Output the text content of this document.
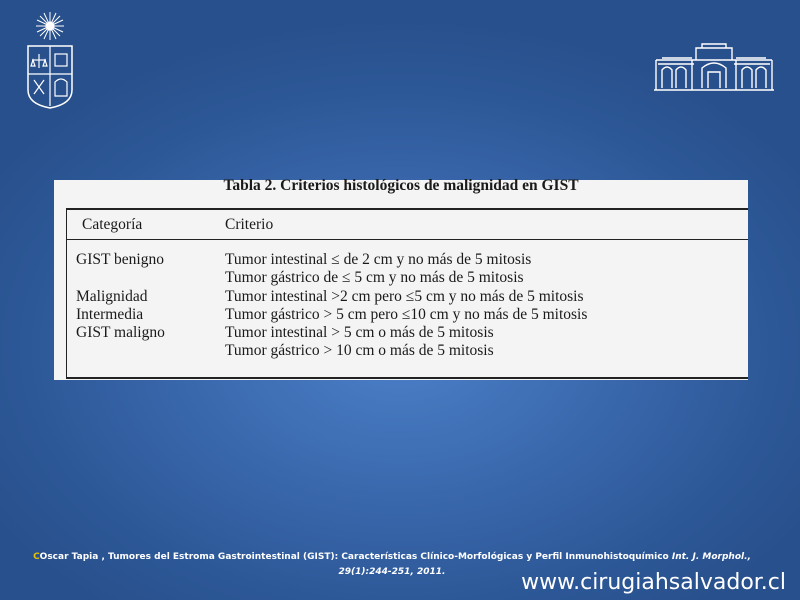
Tabla 2. Criterios histológicos de malignidad en GIST
Categoría	Criterio
GIST benigno	Tumor intestinal ≤ de 2 cm y no más de 5 mitosis
Tumor gástrico de ≤ 5 cm y no más de 5 mitosis
Malignidad	Tumor intestinal >2 cm pero ≤5 cm y no más de 5 mitosis
Intermedia	Tumor gástrico > 5 cm pero ≤10 cm y no más de 5 mitosis
GIST maligno	Tumor intestinal > 5 cm o más de 5 mitosis
Tumor gástrico > 10 cm o más de 5 mitosis
COscar Tapia , Tumores del Estroma Gastrointestinal (GIST): Características Clínico-Morfológicas y Perfil Inmunohistoquímico Int. J. Morphol.,
29(1):244-251, 2011.	www.cirugiahsalvador.cl
